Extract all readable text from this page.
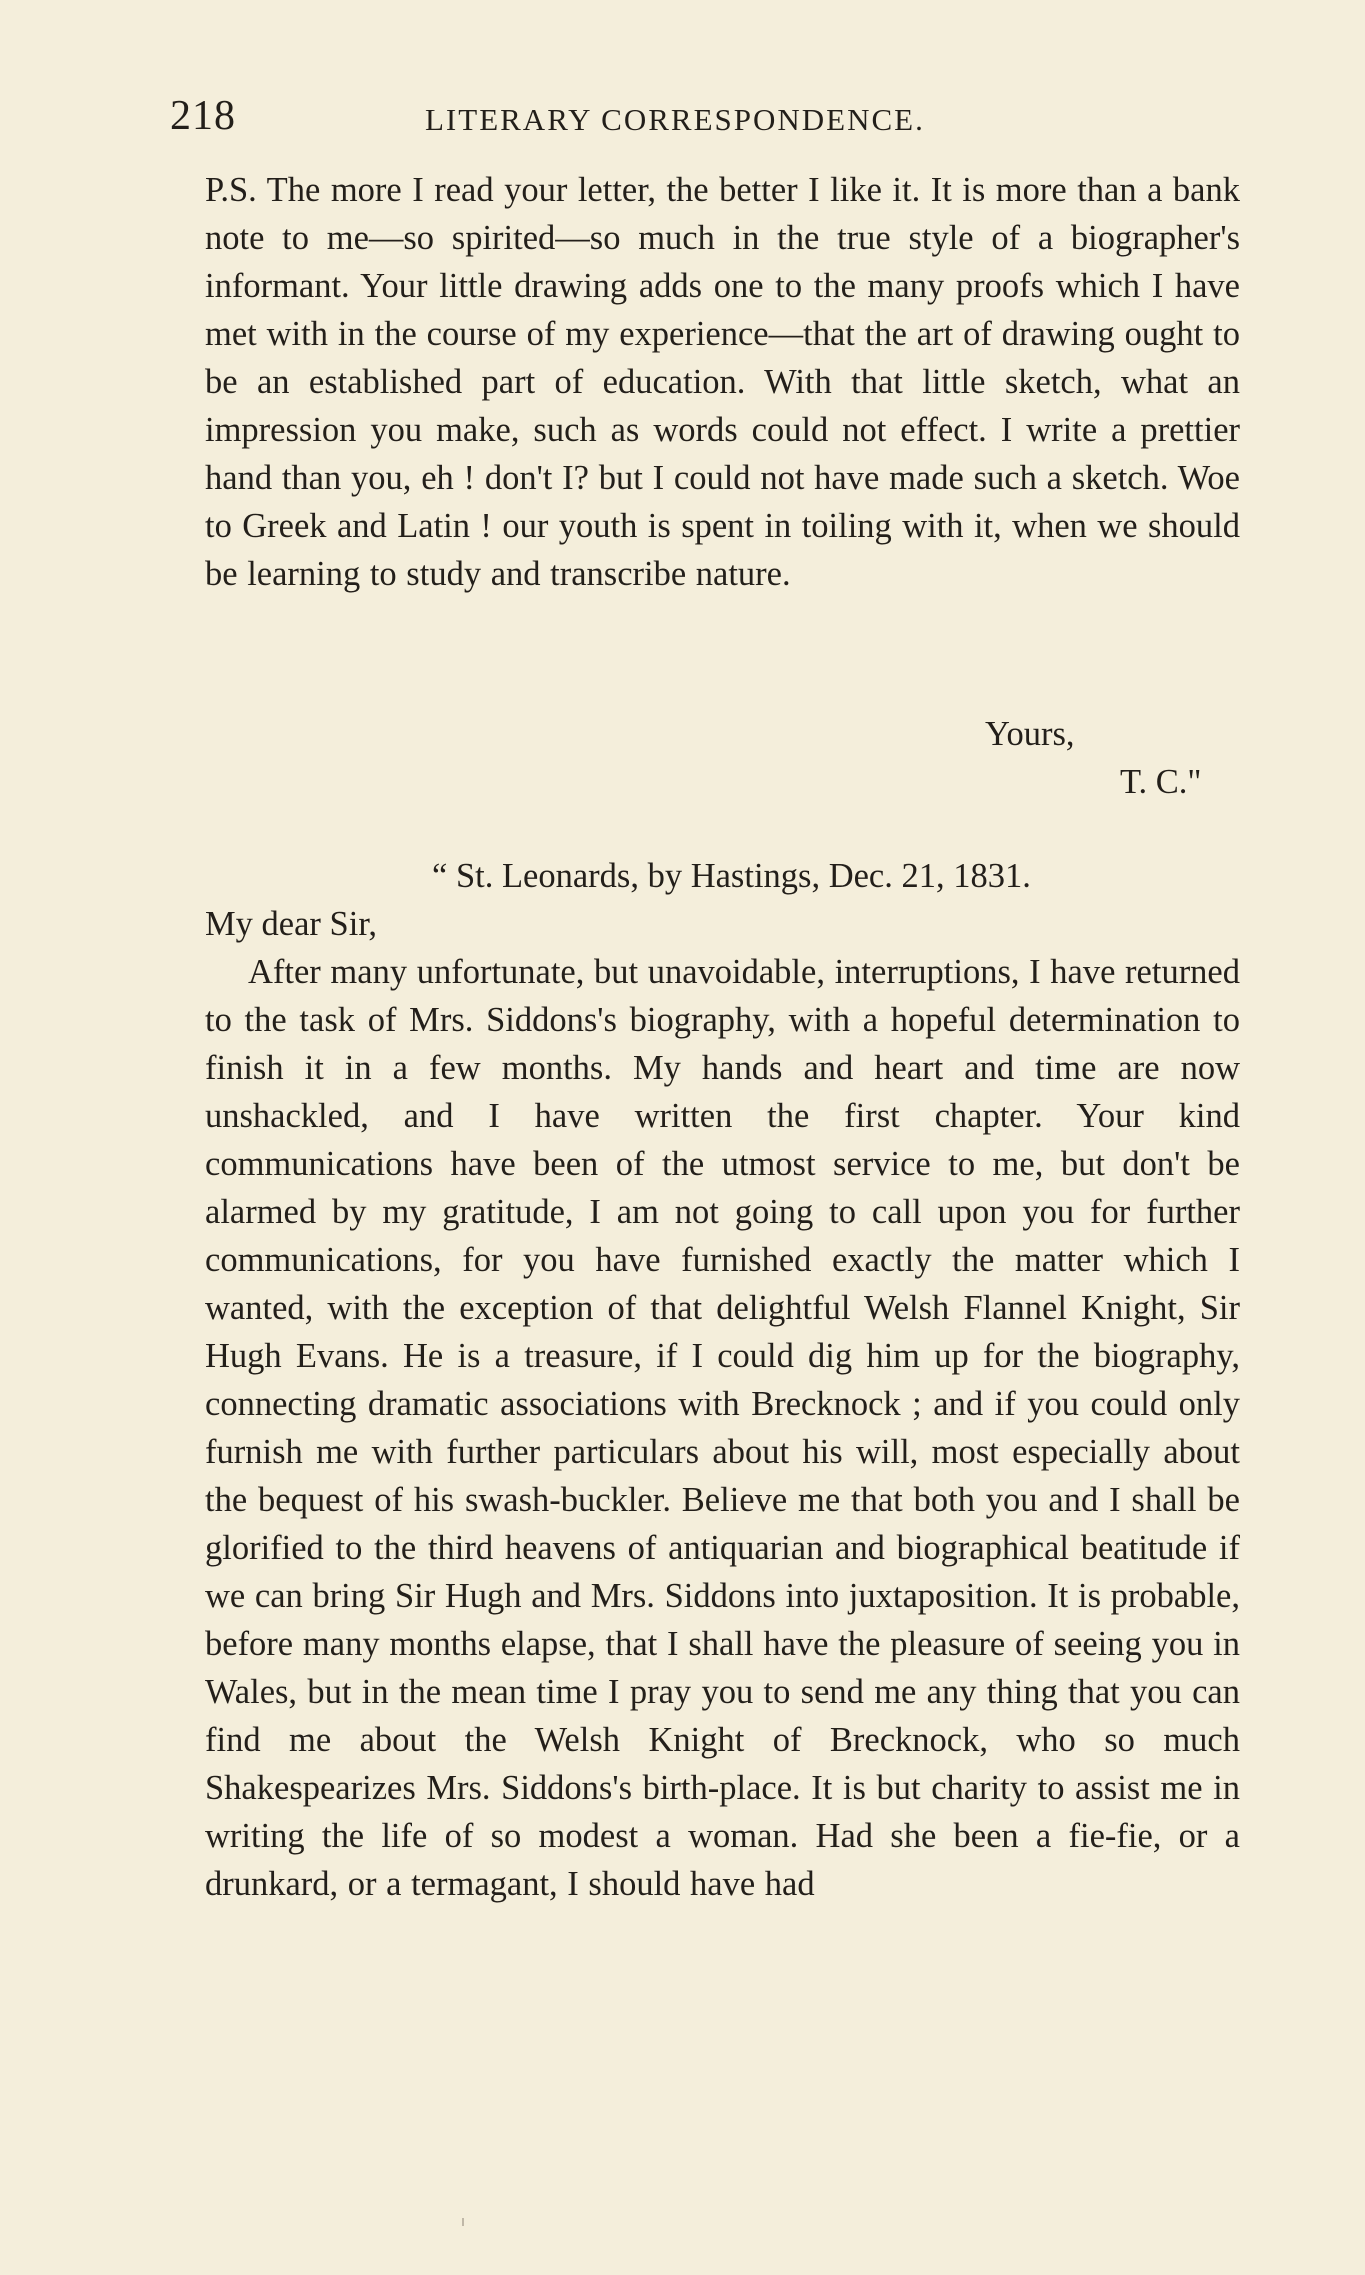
218	LITERARY CORRESPONDENCE.

P.S. The more I read your letter, the better I like it. It is more than a bank note to me—so spirited—so much in the true style of a biographer's informant. Your little drawing adds one to the many proofs which I have met with in the course of my experience—that the art of drawing ought to be an established part of education. With that little sketch, what an impression you make, such as words could not effect. I write a prettier hand than you, eh ! don't I? but I could not have made such a sketch. Woe to Greek and Latin ! our youth is spent in toiling with it, when we should be learning to study and transcribe nature.

Yours,
T. C."
“ St. Leonards, by Hastings, Dec. 21, 1831.
My dear Sir,

After many unfortunate, but unavoidable, interruptions, I have returned to the task of Mrs. Siddons's biography, with a hopeful determination to finish it in a few months. My hands and heart and time are now unshackled, and I have written the first chapter. Your kind communications have been of the utmost service to me, but don't be alarmed by my gratitude, I am not going to call upon you for further communications, for you have furnished exactly the matter which I wanted, with the exception of that delightful Welsh Flannel Knight, Sir Hugh Evans. He is a treasure, if I could dig him up for the biography, connecting dramatic associations with Brecknock ; and if you could only furnish me with further particulars about his will, most especially about the bequest of his swash-buckler. Believe me that both you and I shall be glorified to the third heavens of antiquarian and biographical beatitude if we can bring Sir Hugh and Mrs. Siddons into juxtaposition. It is probable, before many months elapse, that I shall have the pleasure of seeing you in Wales, but in the mean time I pray you to send me any thing that you can find me about the Welsh Knight of Brecknock, who so much Shakespearizes Mrs. Siddons's birth-place. It is but charity to assist me in writing the life of so modest a woman. Had she been a fie-fie, or a drunkard, or a termagant, I should have had
